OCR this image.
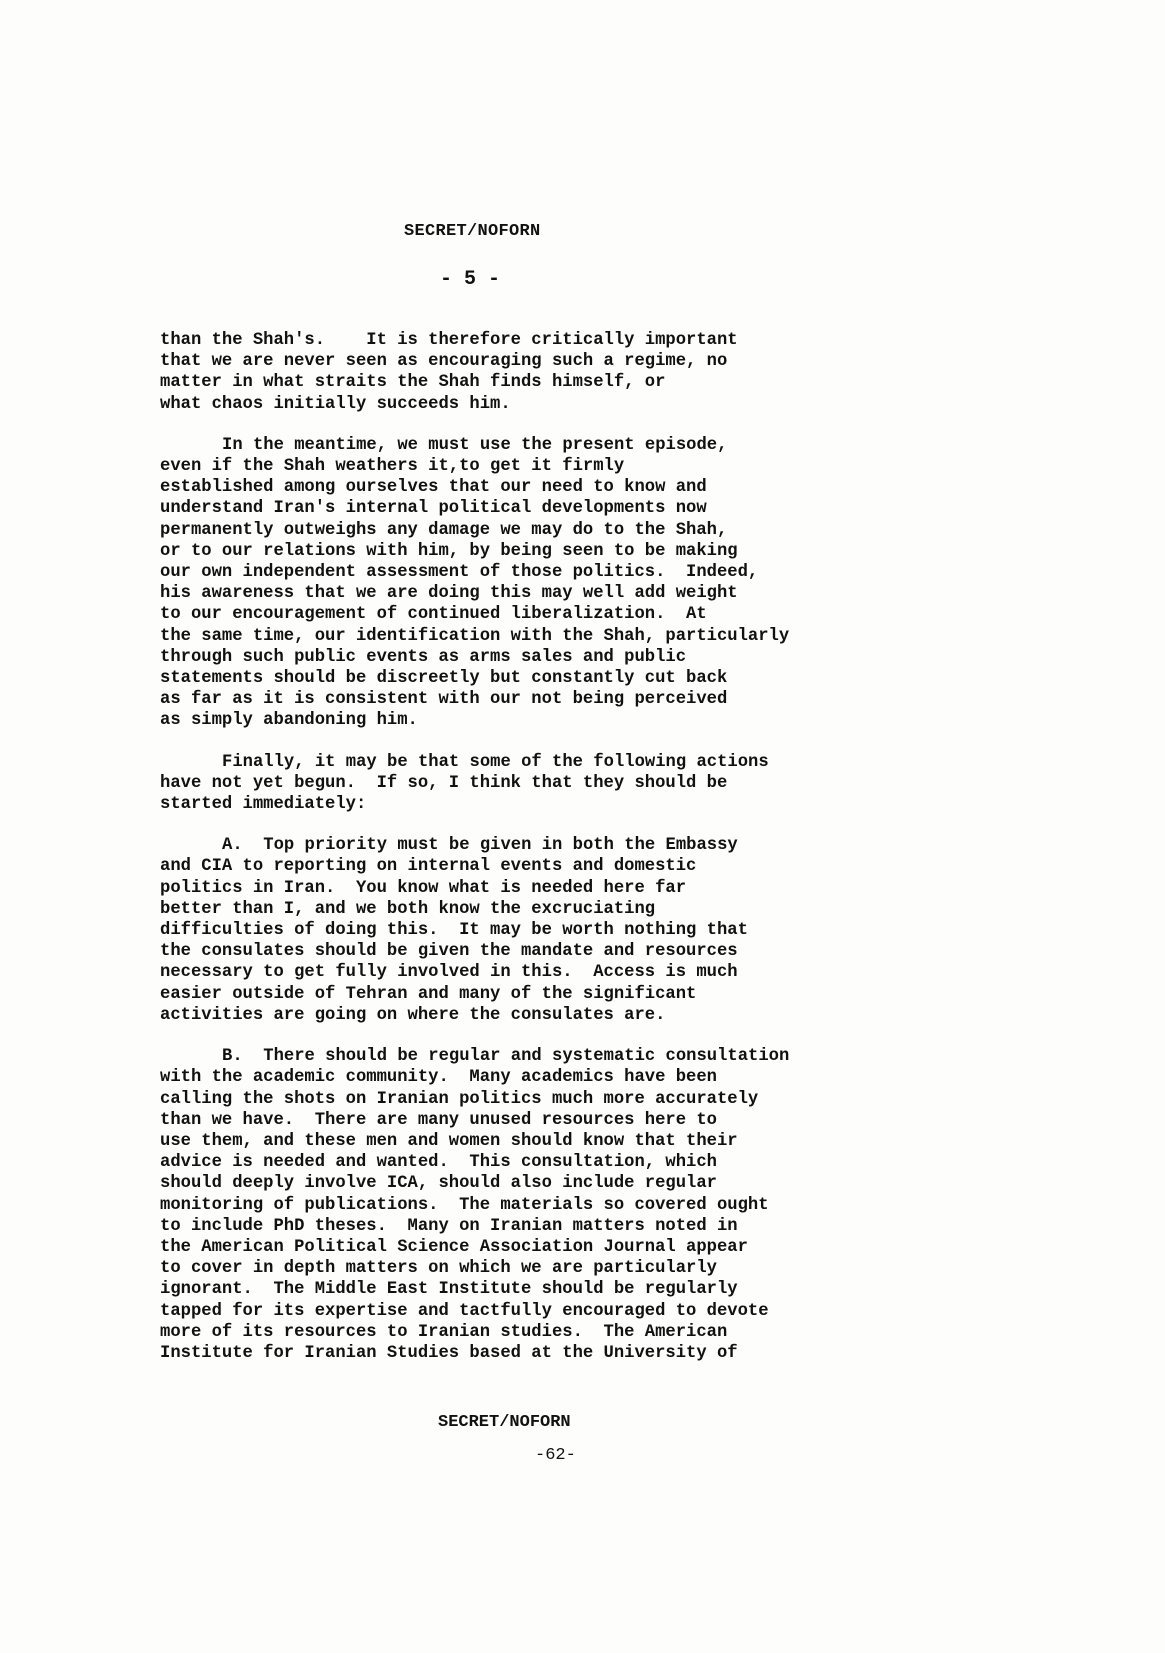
SECRET/NOFORN
- 5 -
than the Shah's.    It is therefore critically important
that we are never seen as encouraging such a regime, no
matter in what straits the Shah finds himself, or
what chaos initially succeeds him.
In the meantime, we must use the present episode,
even if the Shah weathers it,to get it firmly
established among ourselves that our need to know and
understand Iran's internal political developments now
permanently outweighs any damage we may do to the Shah,
or to our relations with him, by being seen to be making
our own independent assessment of those politics.  Indeed,
his awareness that we are doing this may well add weight
to our encouragement of continued liberalization.  At
the same time, our identification with the Shah, particularly
through such public events as arms sales and public
statements should be discreetly but constantly cut back
as far as it is consistent with our not being perceived
as simply abandoning him.
Finally, it may be that some of the following actions
have not yet begun.  If so, I think that they should be
started immediately:
A.  Top priority must be given in both the Embassy
and CIA to reporting on internal events and domestic
politics in Iran.  You know what is needed here far
better than I, and we both know the excruciating
difficulties of doing this.  It may be worth nothing that
the consulates should be given the mandate and resources
necessary to get fully involved in this.  Access is much
easier outside of Tehran and many of the significant
activities are going on where the consulates are.
B.  There should be regular and systematic consultation
with the academic community.  Many academics have been
calling the shots on Iranian politics much more accurately
than we have.  There are many unused resources here to
use them, and these men and women should know that their
advice is needed and wanted.  This consultation, which
should deeply involve ICA, should also include regular
monitoring of publications.  The materials so covered ought
to include PhD theses.  Many on Iranian matters noted in
the American Political Science Association Journal appear
to cover in depth matters on which we are particularly
ignorant.  The Middle East Institute should be regularly
tapped for its expertise and tactfully encouraged to devote
more of its resources to Iranian studies.  The American
Institute for Iranian Studies based at the University of
SECRET/NOFORN
-62-
